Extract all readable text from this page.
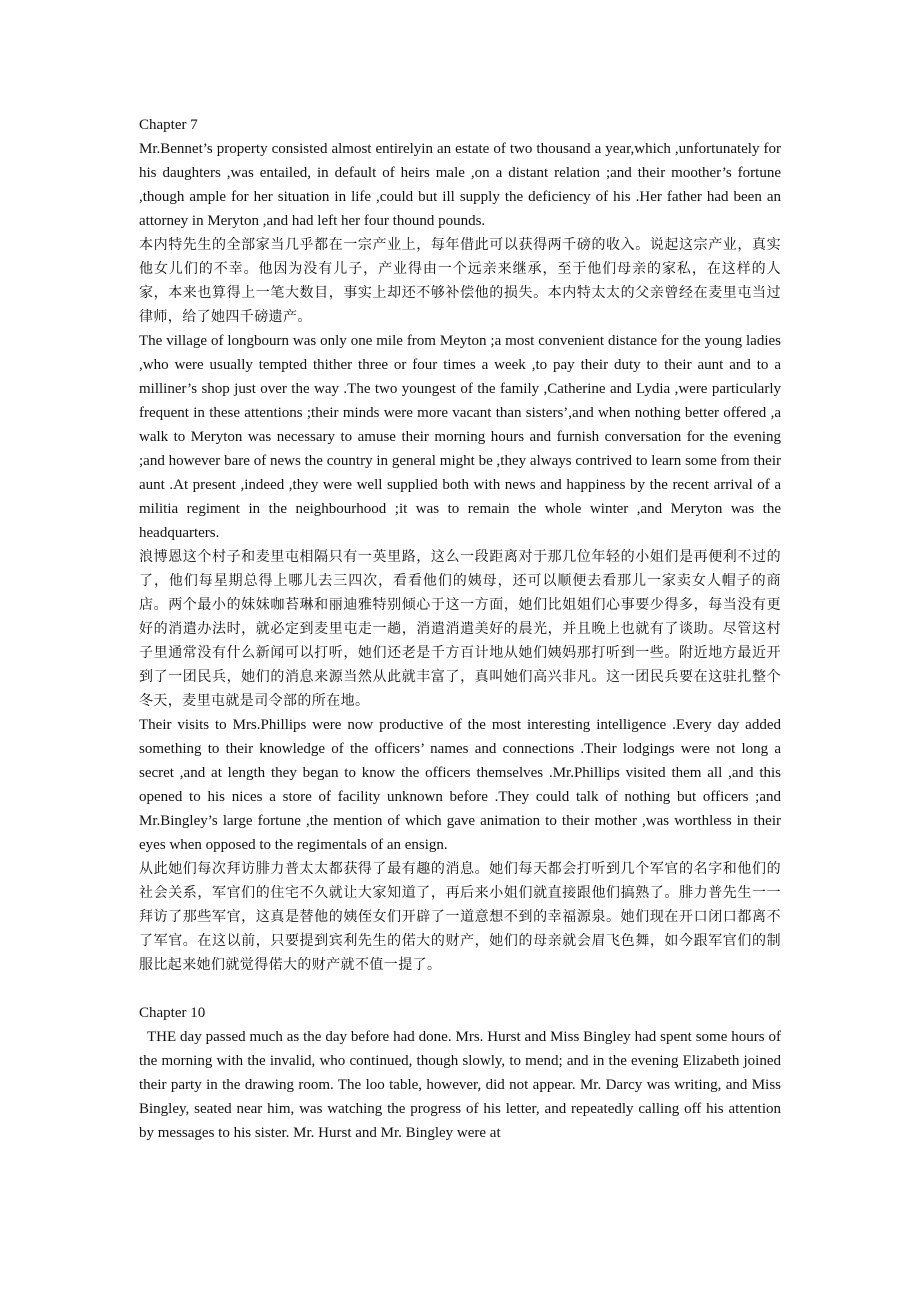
Chapter 7

Mr.Bennet’s property consisted almost entirelyin an estate of two thousand a year,which ,unfortunately for his daughters ,was entailed, in default of heirs male ,on a distant relation ;and their moother’s fortune ,though ample for her situation in life ,could but ill supply the deficiency of his .Her father had been an attorney in Meryton ,and had left her four thound pounds.

本内特先生的全部家当几乎都在一宗产业上，每年借此可以获得两千磅的收入。说起这宗产业，真实他女儿们的不幸。他因为没有儿子，产业得由一个远亲来继承，至于他们母亲的家私，在这样的人家，本来也算得上一笔大数目，事实上却还不够补偿他的损失。本内特太太的父亲曾经在麦里屯当过律师，给了她四千磅遗产。

The village of longbourn was only one mile from Meyton ;a most convenient distance for the young ladies ,who were usually tempted thither three or four times a week ,to pay their duty to their aunt and to a milliner’s shop just over the way .The two youngest of the family ,Catherine and Lydia ,were particularly frequent in these attentions ;their minds were more vacant than sisters’,and when nothing better offered ,a walk to Meryton was necessary to amuse their morning hours and furnish conversation for the evening ;and however bare of news the country in general might be ,they always contrived to learn some from their aunt .At present ,indeed ,they were well supplied both with news and happiness by the recent arrival of a militia regiment in the neighbourhood ;it was to remain the whole winter ,and Meryton was the headquarters.

浪博恩这个村子和麦里屯相隔只有一英里路，这么一段距离对于那几位年轻的小姐们是再便利不过的了，他们每星期总得上哪儿去三四次，看看他们的姨母，还可以顺便去看那儿一家卖女人帽子的商店。两个最小的妹妹咖苔琳和丽迪雅特别倾心于这一方面，她们比姐姐们心事要少得多，每当没有更好的消遣办法时，就必定到麦里屯走一趟，消遣消遣美好的晨光，并且晚上也就有了谈助。尽管这村子里通常没有什么新闻可以打听，她们还老是千方百计地从她们姨妈那打听到一些。附近地方最近开到了一团民兵，她们的消息来源当然从此就丰富了，真叫她们高兴非凡。这一团民兵要在这驻扎整个冬天，麦里屯就是司令部的所在地。

Their visits to Mrs.Phillips were now productive of the most interesting intelligence .Every day added something to their knowledge of the officers’ names and connections .Their lodgings were not long a secret ,and at length they began to know the officers themselves .Mr.Phillips visited them all ,and this opened to his nices a store of facility unknown before .They could talk of nothing but officers ;and Mr.Bingley’s large fortune ,the mention of which gave animation to their mother ,was worthless in their eyes when opposed to the regimentals of an ensign.

从此她们每次拜访腓力普太太都获得了最有趣的消息。她们每天都会打听到几个军官的名字和他们的社会关系，军官们的住宅不久就让大家知道了，再后来小姐们就直接跟他们搞熟了。腓力普先生一一拜访了那些军官，这真是替他的姨侄女们开辟了一道意想不到的幸福源泉。她们现在开口闭口都离不了军官。在这以前，只要提到宾利先生的偌大的财产，她们的母亲就会眉飞色舞，如今跟军官们的制服比起来她们就觉得偌大的财产就不值一提了。

Chapter 10

THE day passed much as the day before had done. Mrs. Hurst and Miss Bingley had spent some hours of the morning with the invalid, who continued, though slowly, to mend; and in the evening Elizabeth joined their party in the drawing room. The loo table, however, did not appear. Mr. Darcy was writing, and Miss Bingley, seated near him, was watching the progress of his letter, and repeatedly calling off his attention by messages to his sister. Mr. Hurst and Mr. Bingley were at
